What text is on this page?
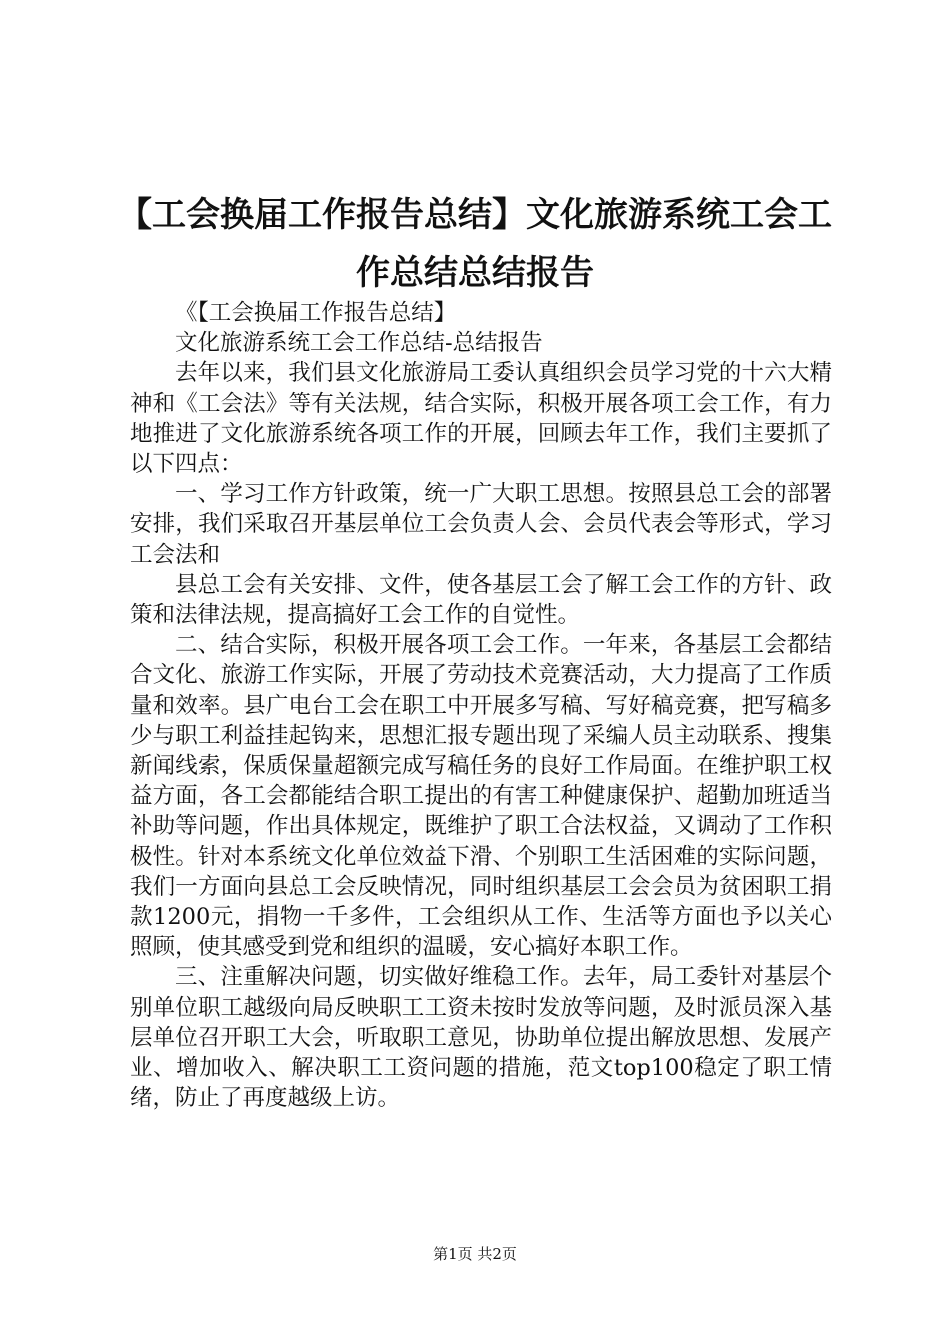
【工会换届工作报告总结】文化旅游系统工会工作总结总结报告

《【工会换届工作报告总结】

文化旅游系统工会工作总结-总结报告

去年以来，我们县文化旅游局工委认真组织会员学习党的十六大精神和《工会法》等有关法规，结合实际，积极开展各项工会工作，有力地推进了文化旅游系统各项工作的开展，回顾去年工作，我们主要抓了以下四点：

一、学习工作方针政策，统一广大职工思想。按照县总工会的部署安排，我们采取召开基层单位工会负责人会、会员代表会等形式，学习工会法和

县总工会有关安排、文件，使各基层工会了解工会工作的方针、政策和法律法规，提高搞好工会工作的自觉性。

二、结合实际，积极开展各项工会工作。一年来，各基层工会都结合文化、旅游工作实际，开展了劳动技术竞赛活动，大力提高了工作质量和效率。县广电台工会在职工中开展多写稿、写好稿竞赛，把写稿多少与职工利益挂起钩来，思想汇报专题出现了采编人员主动联系、搜集新闻线索，保质保量超额完成写稿任务的良好工作局面。在维护职工权益方面，各工会都能结合职工提出的有害工种健康保护、超勤加班适当补助等问题，作出具体规定，既维护了职工合法权益，又调动了工作积极性。针对本系统文化单位效益下滑、个别职工生活困难的实际问题，我们一方面向县总工会反映情况，同时组织基层工会会员为贫困职工捐款1200元，捐物一千多件，工会组织从工作、生活等方面也予以关心照顾，使其感受到党和组织的温暖，安心搞好本职工作。

三、注重解决问题，切实做好维稳工作。去年，局工委针对基层个别单位职工越级向局反映职工工资未按时发放等问题，及时派员深入基层单位召开职工大会，听取职工意见，协助单位提出解放思想、发展产业、增加收入、解决职工工资问题的措施，范文top100稳定了职工情绪，防止了再度越级上访。

第1页 共2页
